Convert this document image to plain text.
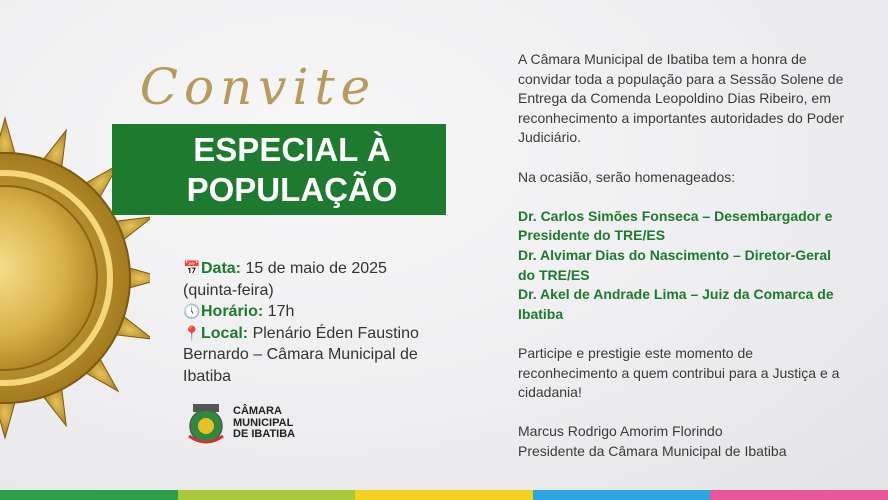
Convite
ESPECIAL À
POPULAÇÃO
📅Data: 15 de maio de 2025 (quinta-feira)
🕔Horário: 17h
📍Local: Plenário Éden Faustino Bernardo – Câmara Municipal de Ibatiba
CÂMARA
MUNICIPAL
DE IBATIBA

A Câmara Municipal de Ibatiba tem a honra de convidar toda a população para a Sessão Solene de Entrega da Comenda Leopoldino Dias Ribeiro, em reconhecimento a importantes autoridades do Poder Judiciário.

Na ocasião, serão homenageados:

Dr. Carlos Simões Fonseca – Desembargador e Presidente do TRE/ES
Dr. Alvimar Dias do Nascimento – Diretor-Geral do TRE/ES

Dr. Akel de Andrade Lima – Juiz da Comarca de Ibatiba

Participe e prestigie este momento de reconhecimento a quem contribui para a Justiça e a cidadania!

Marcus Rodrigo Amorim Florindo
Presidente da Câmara Municipal de Ibatiba
